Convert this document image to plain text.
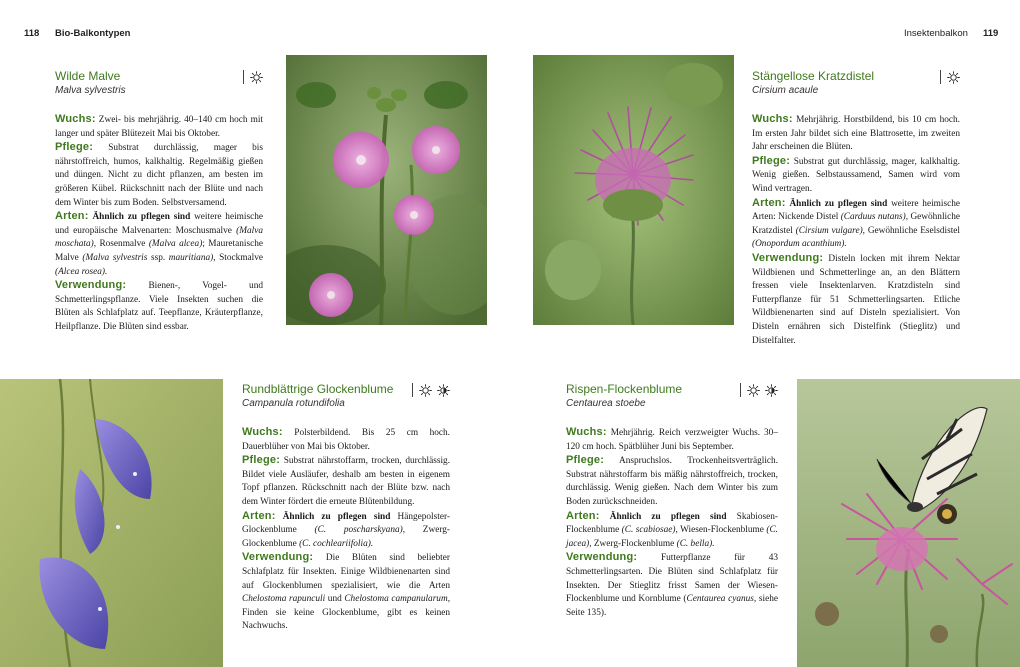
118 Bio-Balkontypen	Insektenbalkon 119
Wilde Malve
Malva sylvestris
Wuchs: Zwei- bis mehrjährig. 40–140 cm hoch mit langer und später Blütezeit Mai bis Oktober.
Pflege: Substrat durchlässig, mager bis nährstoffreich, humos, kalkhaltig. Regelmäßig gießen und düngen. Nicht zu dicht pflanzen, am besten im größeren Kübel. Rückschnitt nach der Blüte und nach dem Winter bis zum Boden. Selbstversamend.
Arten: Ähnlich zu pflegen sind weitere heimische und europäische Malvenarten: Moschusmalve (Malva moschata), Rosenmalve (Malva alcea); Mauretanische Malve (Malva sylvestris ssp. mauritiana), Stockmalve (Alcea rosea).
Verwendung: Bienen-, Vogel- und Schmetterlingspflanze. Viele Insekten suchen die Blüten als Schlafplatz auf. Teepflanze, Kräuterpflanze, Heilpflanze. Die Blüten sind essbar.
Stängellose Kratzdistel
Cirsium acaule
Wuchs: Mehrjährig. Horstbildend, bis 10 cm hoch. Im ersten Jahr bildet sich eine Blattrosette, im zweiten Jahr erscheinen die Blüten.
Pflege: Substrat gut durchlässig, mager, kalkhaltig. Wenig gießen. Selbstaussamend, Samen wird vom Wind vertragen.
Arten: Ähnlich zu pflegen sind weitere heimische Arten: Nickende Distel (Carduus nutans), Gewöhnliche Kratzdistel (Cirsium vulgare), Gewöhnliche Eselsdistel (Onopordum acanthium).
Verwendung: Disteln locken mit ihrem Nektar Wildbienen und Schmetterlinge an, an den Blättern fressen viele Insektenlarven. Kratzdisteln sind Futterpflanze für 51 Schmetterlingsarten. Etliche Wildbienenarten sind auf Disteln spezialisiert. Von Disteln ernähren sich Distelfink (Stieglitz) und Distelfalter.
Rundblättrige Glockenblume
Campanula rotundifolia
Wuchs: Polsterbildend. Bis 25 cm hoch. Dauerblüher von Mai bis Oktober.
Pflege: Substrat nährstoffarm, trocken, durchlässig. Bildet viele Ausläufer, deshalb am besten in eigenem Topf pflanzen. Rückschnitt nach der Blüte bzw. nach dem Winter fördert die erneute Blütenbildung.
Arten: Ähnlich zu pflegen sind Hängepolster-Glockenblume (C. poscharskyana), Zwerg-Glockenblume (C. cochleariifolia).
Verwendung: Die Blüten sind beliebter Schlafplatz für Insekten. Einige Wildbienenarten sind auf Glockenblumen spezialisiert, wie die Arten Chelostoma rapunculi und Chelostoma campanularum, Finden sie keine Glockenblume, gibt es keinen Nachwuchs.
Rispen-Flockenblume
Centaurea stoebe
Wuchs: Mehrjährig. Reich verzweigter Wuchs. 30–120 cm hoch. Spätblüher Juni bis September.
Pflege: Anspruchslos. Trockenheitsverträglich. Substrat nährstoffarm bis mäßig nährstoffreich, trocken, durchlässig. Wenig gießen. Nach dem Winter bis zum Boden zurückschneiden.
Arten: Ähnlich zu pflegen sind Skabiosen-Flockenblume (C. scabiosae), Wiesen-Flockenblume (C. jacea), Zwerg-Flockenblume (C. bella).
Verwendung:	Futterpflanze für 43 Schmetterlingsarten. Die Blüten sind Schlafplatz für Insekten. Der Stieglitz frisst Samen der Wiesen-Flockenblume und Kornblume (Centaurea cyanus, siehe Seite 135).
